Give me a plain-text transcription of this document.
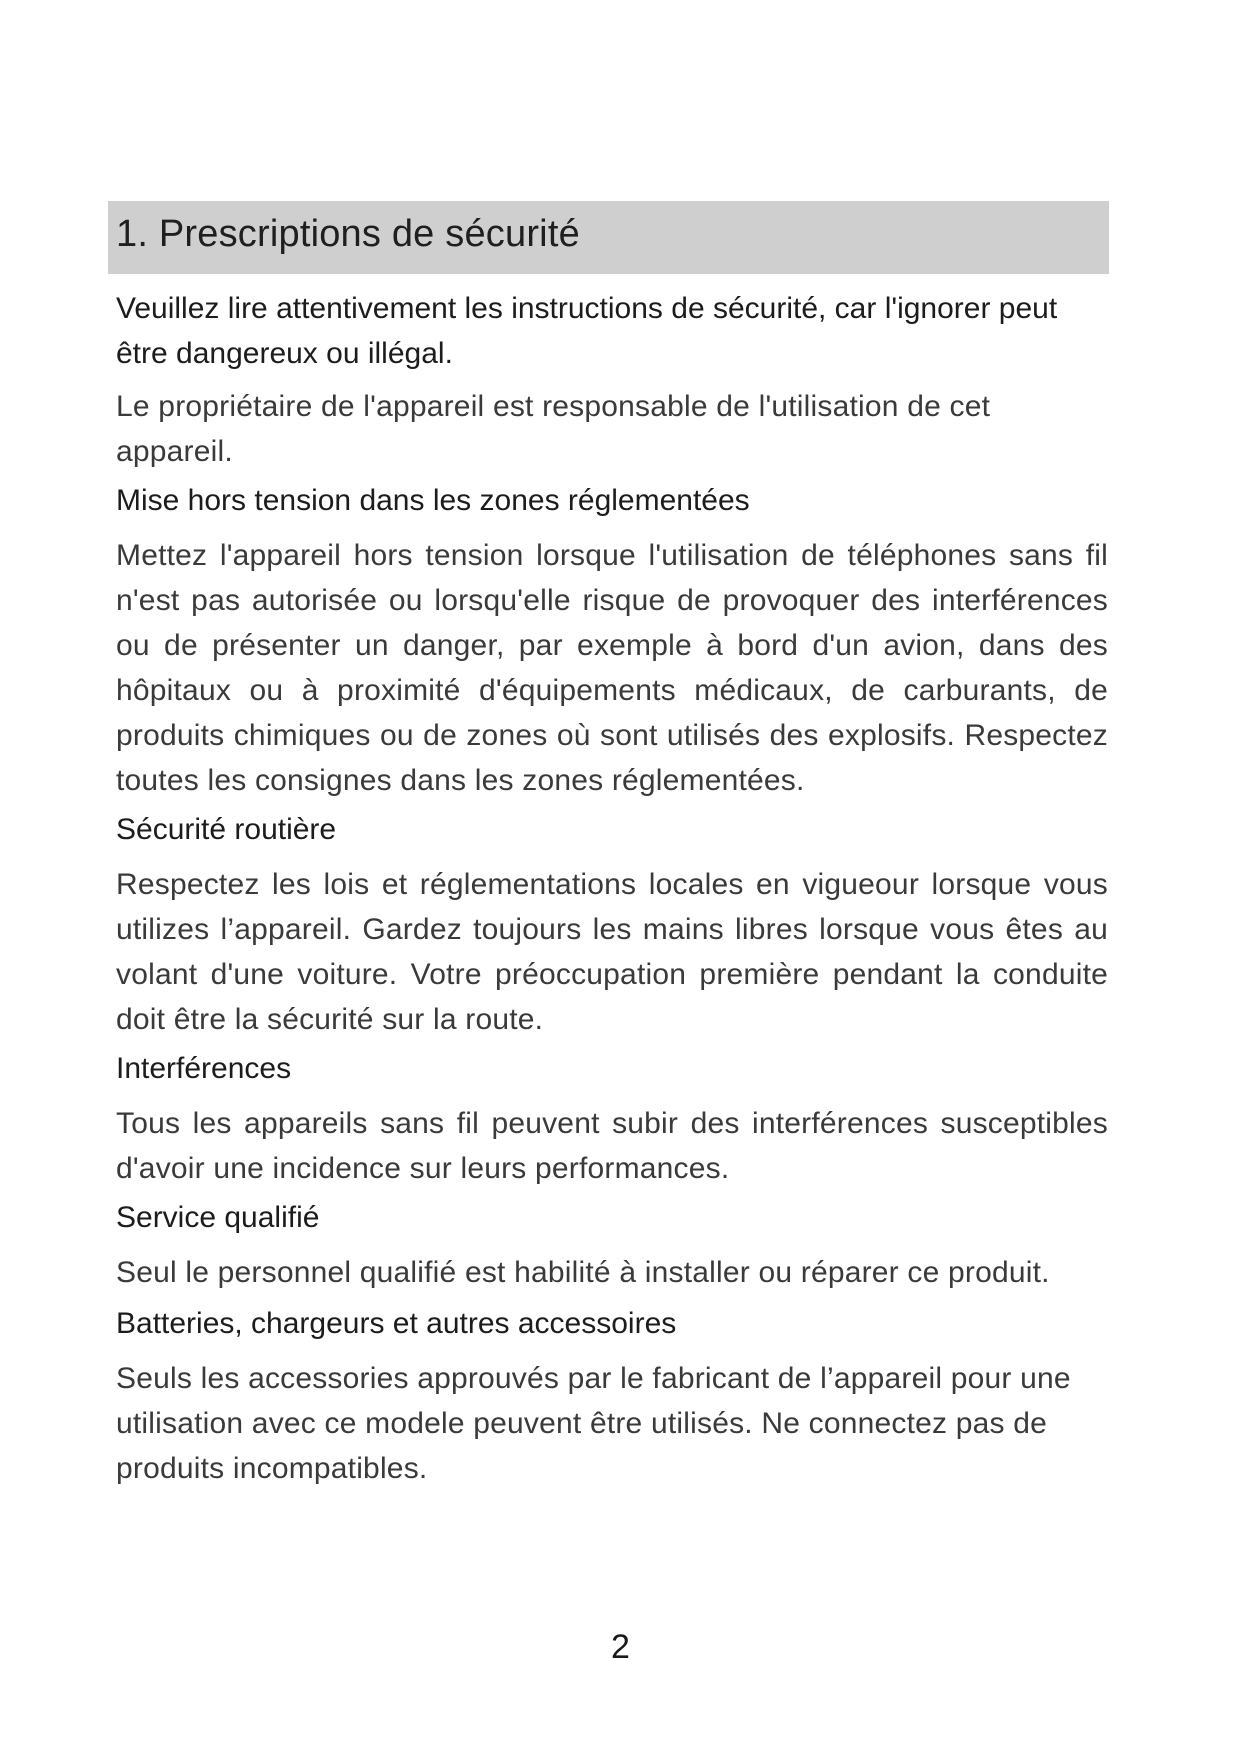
1. Prescriptions de sécurité

Veuillez lire attentivement les instructions de sécurité, car l'ignorer peut être dangereux ou illégal.

Le propriétaire de l'appareil est responsable de l'utilisation de cet appareil.

Mise hors tension dans les zones réglementées

Mettez l'appareil hors tension lorsque l'utilisation de téléphones sans fil n'est pas autorisée ou lorsqu'elle risque de provoquer des interférences ou de présenter un danger, par exemple à bord d'un avion, dans des hôpitaux ou à proximité d'équipements médicaux, de carburants, de produits chimiques ou de zones où sont utilisés des explosifs. Respectez toutes les consignes dans les zones réglementées.

Sécurité routière

Respectez les lois et réglementations locales en vigueour lorsque vous utilizes l’appareil. Gardez toujours les mains libres lorsque vous êtes au volant d'une voiture. Votre préoccupation première pendant la conduite doit être la sécurité sur la route.

Interférences

Tous les appareils sans fil peuvent subir des interférences susceptibles d'avoir une incidence sur leurs performances.

Service qualifié

Seul le personnel qualifié est habilité à installer ou réparer ce produit.

Batteries, chargeurs et autres accessoires

Seuls les accessories approuvés par le fabricant de l’appareil pour une utilisation avec ce modele peuvent être utilisés. Ne connectez pas de produits incompatibles.

2
